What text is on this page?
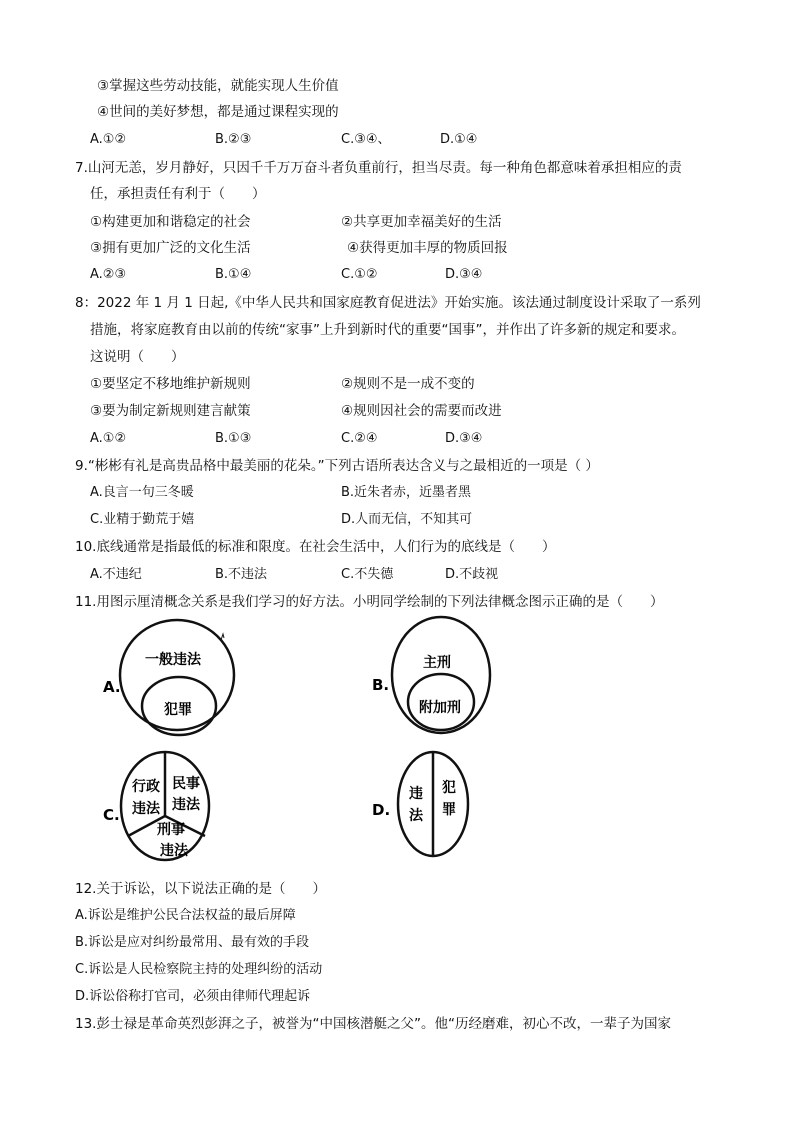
③掌握这些劳动技能，就能实现人生价值
④世间的美好梦想，都是通过课程实现的
A.①②	B.②③	C.③④、	D.①④
7.山河无恙，岁月静好，只因千千万万奋斗者负重前行，担当尽责。每一种角色都意味着承担相应的责
任，承担责任有利于（　　）
①构建更加和谐稳定的社会	②共享更加幸福美好的生活
③拥有更加广泛的文化生活	④获得更加丰厚的物质回报
A.②③	B.①④	C.①②	D.③④
8：2022 年 1 月 1 日起,《中华人民共和国家庭教育促进法》开始实施。该法通过制度设计采取了一系列
措施，将家庭教育由以前的传统“家事”上升到新时代的重要“国事”，并作出了许多新的规定和要求。
这说明（　　）
①要坚定不移地维护新规则	②规则不是一成不变的
③要为制定新规则建言献策	④规则因社会的需要而改进
A.①②	B.①③	C.②④	D.③④
9.“彬彬有礼是高贵品格中最美丽的花朵。”下列古语所表达含义与之最相近的一项是（ ）
A.良言一句三冬暖	B.近朱者赤，近墨者黑
C.业精于勤荒于嬉	D.人而无信，不知其可
10.底线通常是指最低的标准和限度。在社会生活中，人们行为的底线是（　　）
A.不违纪	B.不违法	C.不失德	D.不歧视
11.用图示厘清概念关系是我们学习的好方法。小明同学绘制的下列法律概念图示正确的是（　　）
A.
一般违法
犯罪
B.
主刑
附加刑
C.
行政
违法
民事
违法
刑事
违法
D.
违
法
犯
罪
12.关于诉讼，以下说法正确的是（　　）
A.诉讼是维护公民合法权益的最后屏障
B.诉讼是应对纠纷最常用、最有效的手段
C.诉讼是人民检察院主持的处理纠纷的活动
D.诉讼俗称打官司，必须由律师代理起诉
13.彭士禄是革命英烈彭湃之子，被誉为“中国核潜艇之父”。他“历经磨难，初心不改，一辈子为国家
